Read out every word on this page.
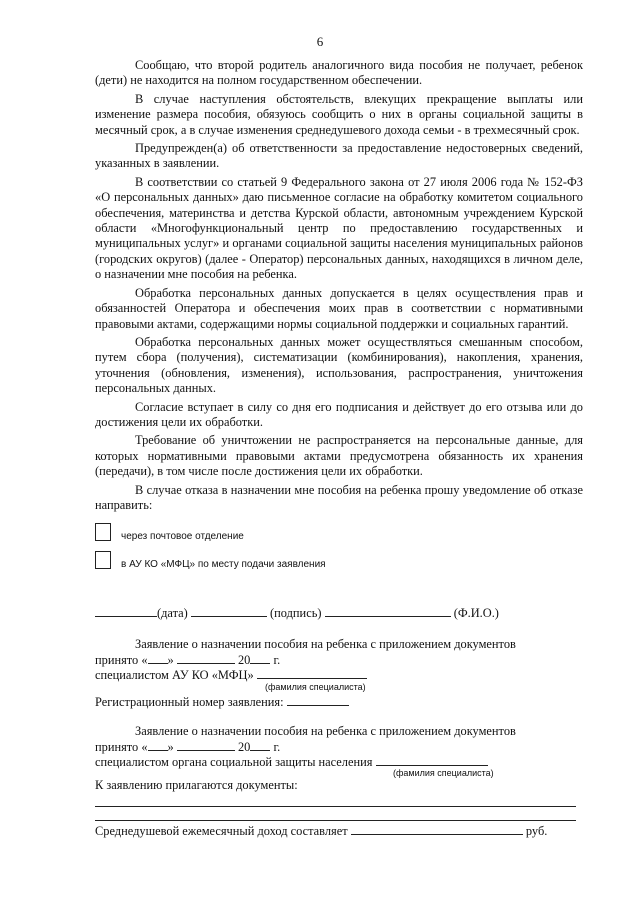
6

Сообщаю, что второй родитель аналогичного вида пособия не получает, ребенок (дети) не находится на полном государственном обеспечении.

В случае наступления обстоятельств, влекущих прекращение выплаты или изменение размера пособия, обязуюсь сообщить о них в органы социальной защиты в месячный срок, а в случае изменения среднедушевого дохода семьи - в трехмесячный срок.

Предупрежден(а) об ответственности за предоставление недостоверных сведений, указанных в заявлении.

В соответствии со статьей 9 Федерального закона от 27 июля 2006 года № 152-ФЗ «О персональных данных» даю письменное согласие на обработку комитетом социального обеспечения, материнства и детства Курской области, автономным учреждением Курской области «Многофункциональный центр по предоставлению государственных и муниципальных услуг» и органами социальной защиты населения муниципальных районов (городских округов) (далее - Оператор) персональных данных, находящихся в личном деле, о назначении мне пособия на ребенка.

Обработка персональных данных допускается в целях осуществления прав и обязанностей Оператора и обеспечения моих прав в соответствии с нормативными правовыми актами, содержащими нормы социальной поддержки и социальных гарантий.

Обработка персональных данных может осуществляться смешанным способом, путем сбора (получения), систематизации (комбинирования), накопления, хранения, уточнения (обновления, изменения), использования, распространения, уничтожения персональных данных.

Согласие вступает в силу со дня его подписания и действует до его отзыва или до достижения цели их обработки.

Требование об уничтожении не распространяется на персональные данные, для которых нормативными правовыми актами предусмотрена обязанность их хранения (передачи), в том числе после достижения цели их обработки.

В случае отказа в назначении мне пособия на ребенка прошу уведомление об отказе направить:

через почтовое отделение
в АУ КО «МФЦ» по месту подачи заявления
(дата)	(подпись)	(Ф.И.О.)
Заявление о назначении пособия на ребенка с приложением документов
принято « »	20 г.
специалистом АУ КО «МФЦ»
(фамилия специалиста)
Регистрационный номер заявления:
Заявление о назначении пособия на ребенка с приложением документов
принято « »	20 г.
специалистом органа социальной защиты населения
(фамилия специалиста)
К заявлению прилагаются документы:
Среднедушевой ежемесячный доход составляет	руб.
